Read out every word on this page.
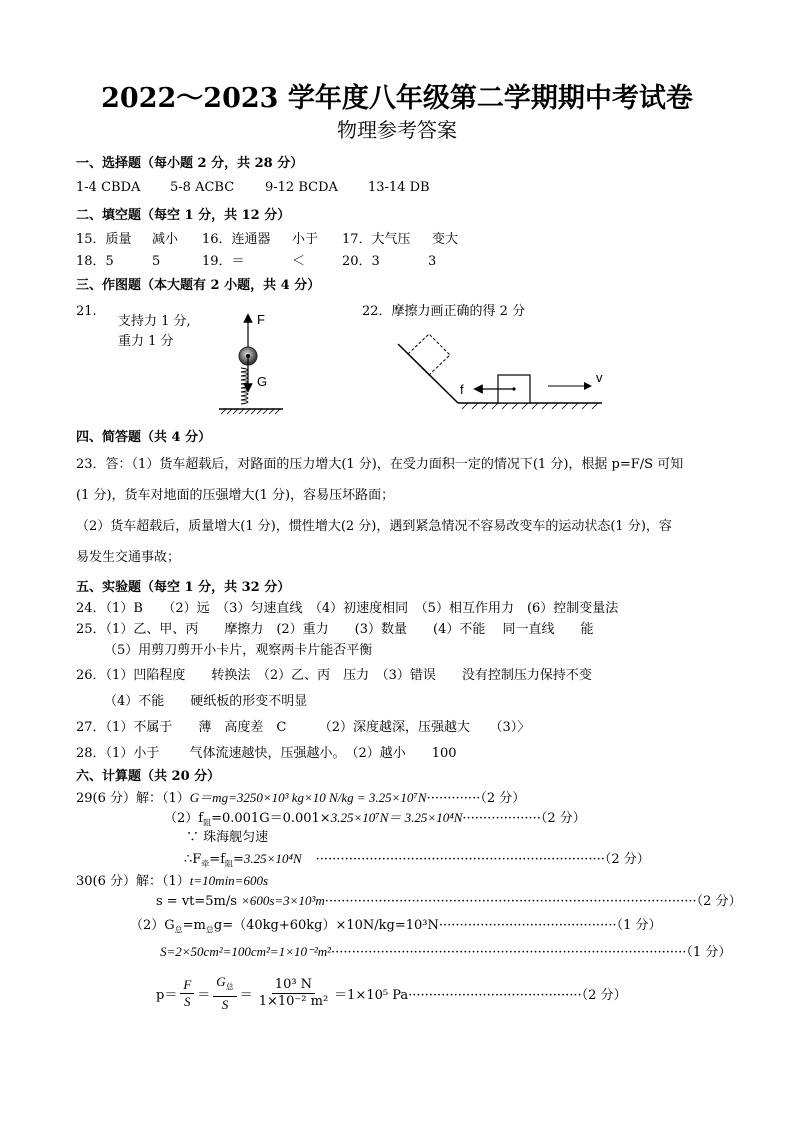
2022～2023 学年度八年级第二学期期中考试卷
物理参考答案
一、选择题（每小题 2 分，共 28 分）
1-4 CBDA 5-8 ACBC 9-12 BCDA 13-14 DB
二、填空题（每空 1 分，共 12 分）
15．质量 减小 16．连通器 小于 17．大气压 变大
18．5	5	19．＝	＜	20．3	3
三、作图题（本大题有 2 小题，共 4 分）
21.
支持力 1 分,
重力 1 分
22．摩擦力画正确的得 2 分
F
G
f
v
四、简答题（共 4 分）
23．答：（1）货车超载后，对路面的压力增大(1 分)，在受力面积一定的情况下(1 分)，根据 p=F/S 可知
(1 分)，货车对地面的压强增大(1 分)，容易压坏路面；
（2）货车超载后，质量增大(1 分)，惯性增大(2 分)，遇到紧急情况不容易改变车的运动状态(1 分)，容
易发生交通事故；
五、实验题（每空 1 分，共 32 分）
24．（1）B　　（2）远　（3）匀速直线　（4）初速度相同　（5）相互作用力　(6）控制变量法
25．（1）乙、甲、丙　　摩擦力　(2）重力　　(3）数量　　(4）不能　 同一直线　　能
（5）用剪刀剪开小卡片，观察两卡片能否平衡
26．（1）凹陷程度　　转换法　（2）乙、丙　压力　（3）错误　　没有控制压力保持不变
（4）不能　　硬纸板的形变不明显
27．（1）不属于　　薄　高度差　C　　　（2）深度越深，压强越大　　（3）〉
28．（1）小于　　 气体流速越快，压强越小。　（2）越小　　100
六、计算题（共 20 分）
29(6 分）解：（1）G＝mg=3250×10³ kg×10 N/kg = 3.25×10⁷N·············（2 分）
$(2)f_阻=0.001G=0.001\times 3.25\times 10^7N= 3.25\times 10^4N\cdot\cdot\cdot\cdot\cdot\cdot\cdot\cdot\cdot\cdot\cdot\cdot\cdot\cdot\cdot\cdot\cdot\cdot\cdot(2$ 分）
∵ 珠海舰匀速
$\therefore F_牵=f_阻=3.25\times 10^4N \cdot\cdot\cdot\cdot\cdot\cdot\cdot\cdot\cdot\cdot\cdot\cdot\cdot\cdot\cdot\cdot\cdot\cdot\cdot\cdot\cdot\cdot\cdot\cdot\cdot\cdot\cdot\cdot\cdot\cdot\cdot\cdot\cdot\cdot\cdot\cdot\cdot\cdot\cdot\cdot\cdot\cdot\cdot\cdot\cdot\cdot\cdot\cdot\cdot\cdot\cdot\cdot\cdot\cdot\cdot\cdot\cdot\cdot\cdot\cdot\cdot\cdot\cdot\cdot\cdot\cdot\cdot\cdot\cdot\cdot(2$ 分）
30(6 分）解：（1）t=10min=600s
s = vt=5m/s ×600s=3×10³m··························································································（2 分）
$(2)G_总=m_总g=(40kg+60kg)\times 10N/kg=10^3N\cdot\cdot\cdot\cdot\cdot\cdot\cdot\cdot\cdot\cdot\cdot\cdot\cdot\cdot\cdot\cdot\cdot\cdot\cdot\cdot\cdot\cdot\cdot\cdot\cdot\cdot\cdot\cdot\cdot\cdot\cdot\cdot\cdot\cdot\cdot\cdot\cdot\cdot\cdot\cdot\cdot\cdot\cdot(1$ 分）
S=2×50cm²=100cm²=1×10⁻²m²······················································································（1 分）
$p= \frac{F}{S} = \frac{G_总}{S} = \frac{\text{10³ N}}{\text{1×10⁻² m²}} =1\times 10^5$ Pa ··········································（2 分）
